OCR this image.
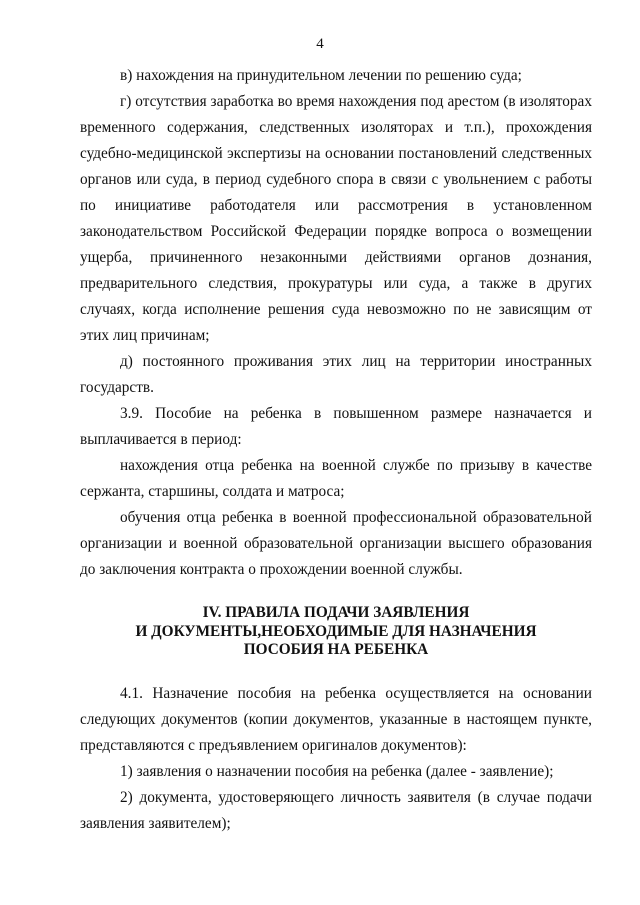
4

в) нахождения на принудительном лечении по решению суда;

г) отсутствия заработка во время нахождения под арестом (в изоляторах временного содержания, следственных изоляторах и т.п.), прохождения судебно-медицинской экспертизы на основании постановлений следственных органов или суда, в период судебного спора в связи с увольнением с работы по инициативе работодателя или рассмотрения в установленном законодательством Российской Федерации порядке вопроса о возмещении ущерба, причиненного незаконными действиями органов дознания, предварительного следствия, прокуратуры или суда, а также в других случаях, когда исполнение решения суда невозможно по не зависящим от этих лиц причинам;

д) постоянного проживания этих лиц на территории иностранных государств.

3.9. Пособие на ребенка в повышенном размере назначается и выплачивается в период:

нахождения отца ребенка на военной службе по призыву в качестве сержанта, старшины, солдата и матроса;

обучения отца ребенка в военной профессиональной образовательной организации и военной образовательной организации высшего образования до заключения контракта о прохождении военной службы.

IV. ПРАВИЛА ПОДАЧИ ЗАЯВЛЕНИЯ
И ДОКУМЕНТЫ,НЕОБХОДИМЫЕ ДЛЯ НАЗНАЧЕНИЯ
ПОСОБИЯ НА РЕБЕНКА

4.1. Назначение пособия на ребенка осуществляется на основании следующих документов (копии документов, указанные в настоящем пункте, представляются с предъявлением оригиналов документов):

1) заявления о назначении пособия на ребенка (далее - заявление);

2) документа, удостоверяющего личность заявителя (в случае подачи заявления заявителем);
